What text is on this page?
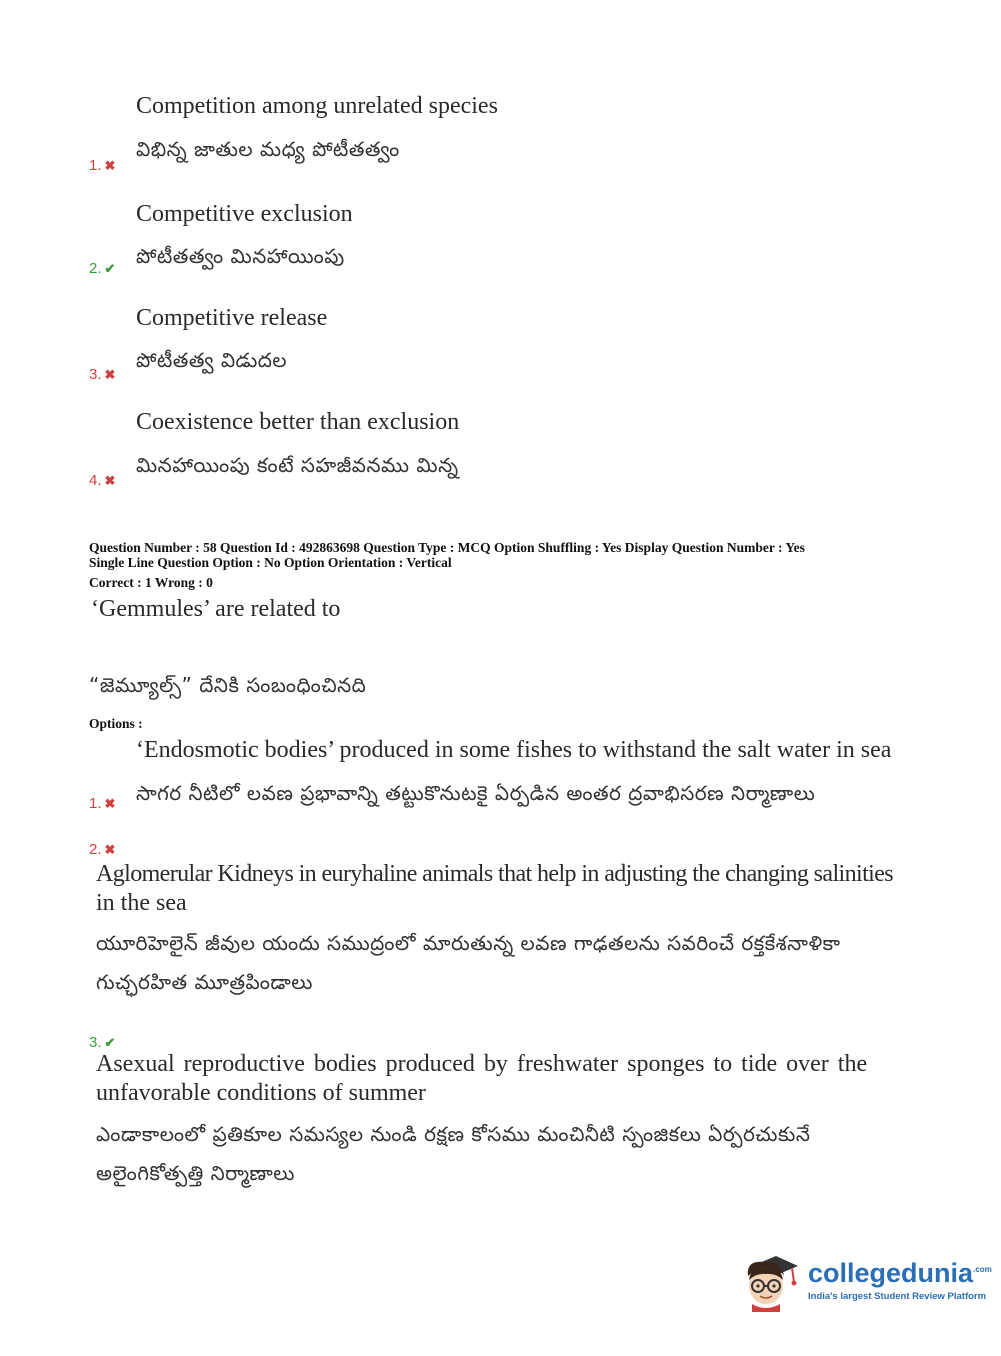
Competition among unrelated species
విభిన్న జాతుల మధ్య పోటీతత్వం
1. ✖
Competitive exclusion
పోటీతత్వం మినహాయింపు
2. ✔
Competitive release
పోటీతత్వ విడుదల
3. ✖
Coexistence better than exclusion
మినహాయింపు కంటే సహజీవనము మిన్న
4. ✖
Question Number : 58 Question Id : 492863698 Question Type : MCQ Option Shuffling : Yes Display Question Number : Yes
Single Line Question Option : No Option Orientation : Vertical
Correct : 1 Wrong : 0
‘Gemmules’ are related to
“జెమ్యూల్స్” దేనికి సంబంధించినది
Options :
‘Endosmotic bodies’ produced in some fishes to withstand the salt water in sea
సాగర నీటిలో లవణ ప్రభావాన్ని తట్టుకొనుటకై ఏర్పడిన అంతర ద్రవాభిసరణ నిర్మాణాలు
1. ✖
2. ✖
Aglomerular Kidneys in euryhaline animals that help in adjusting the changing salinities
in the sea
యూరిహెలైన్ జీవుల యందు సముద్రంలో మారుతున్న లవణ గాఢతలను సవరించే రక్తకేశనాళికా
గుచ్ఛరహిత మూత్రపిండాలు
3. ✔
Asexual reproductive bodies produced by freshwater sponges to tide over the
unfavorable conditions of summer
ఎండాకాలంలో ప్రతికూల సమస్యల నుండి రక్షణ కోసము మంచినీటి స్పంజికలు ఏర్పరచుకునే
అలైంగికోత్పత్తి నిర్మాణాలు
collegedunia$^{.com}$
India's largest Student Review Platform
